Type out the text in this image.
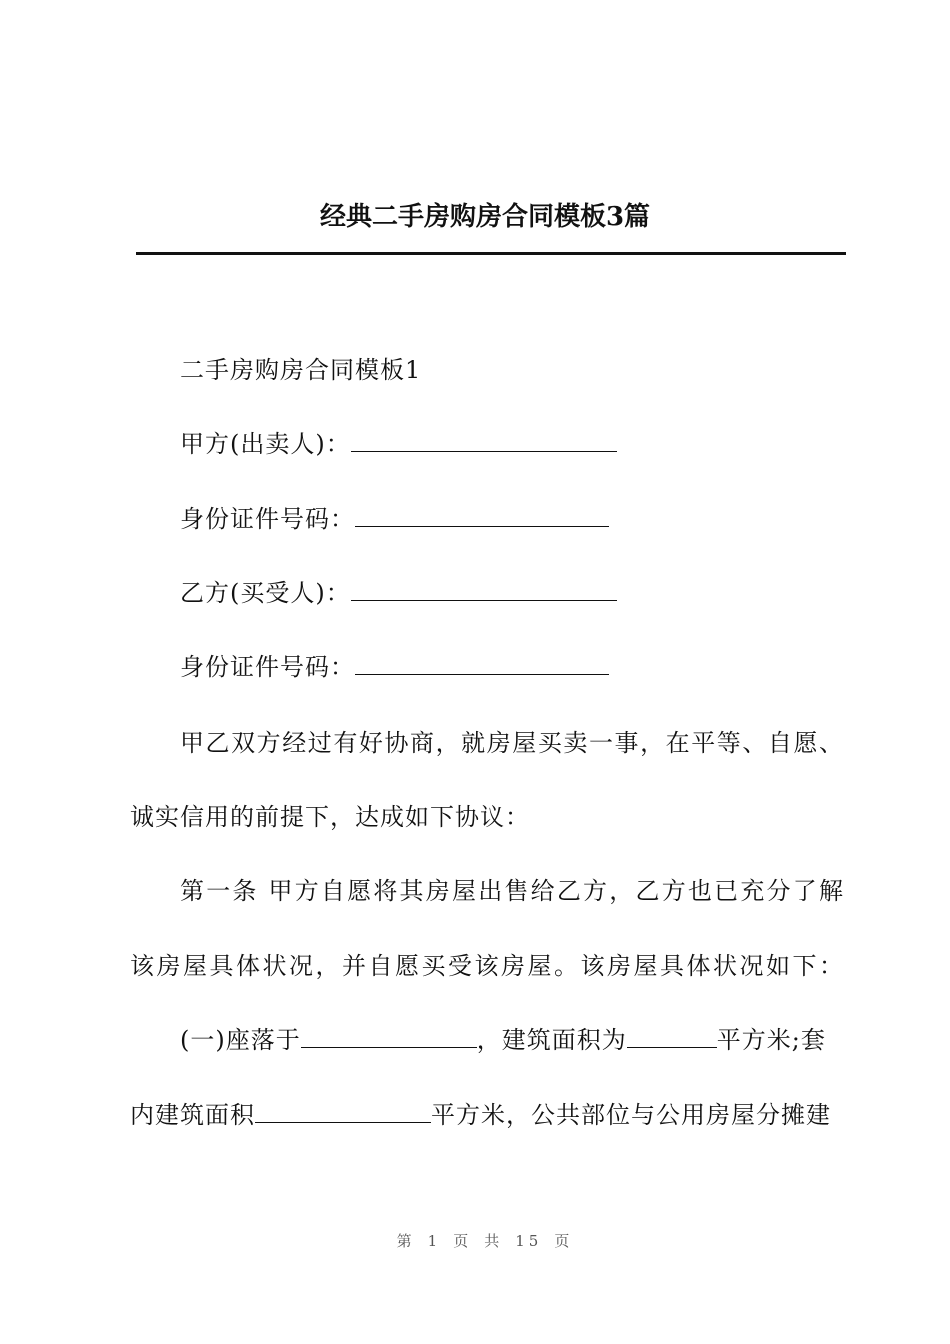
经典二手房购房合同模板3篇
二手房购房合同模板1
甲方(出卖人)：
身份证件号码：
乙方(买受人)：
身份证件号码：
甲乙双方经过有好协商，就房屋买卖一事，在平等、自愿、
诚实信用的前提下，达成如下协议：
第一条 甲方自愿将其房屋出售给乙方，乙方也已充分了解
该房屋具体状况，并自愿买受该房屋。该房屋具体状况如下：
(一)座落于	，建筑面积为	平方米;套
内建筑面积	平方米，公共部位与公用房屋分摊建
第 1 页 共 15 页
